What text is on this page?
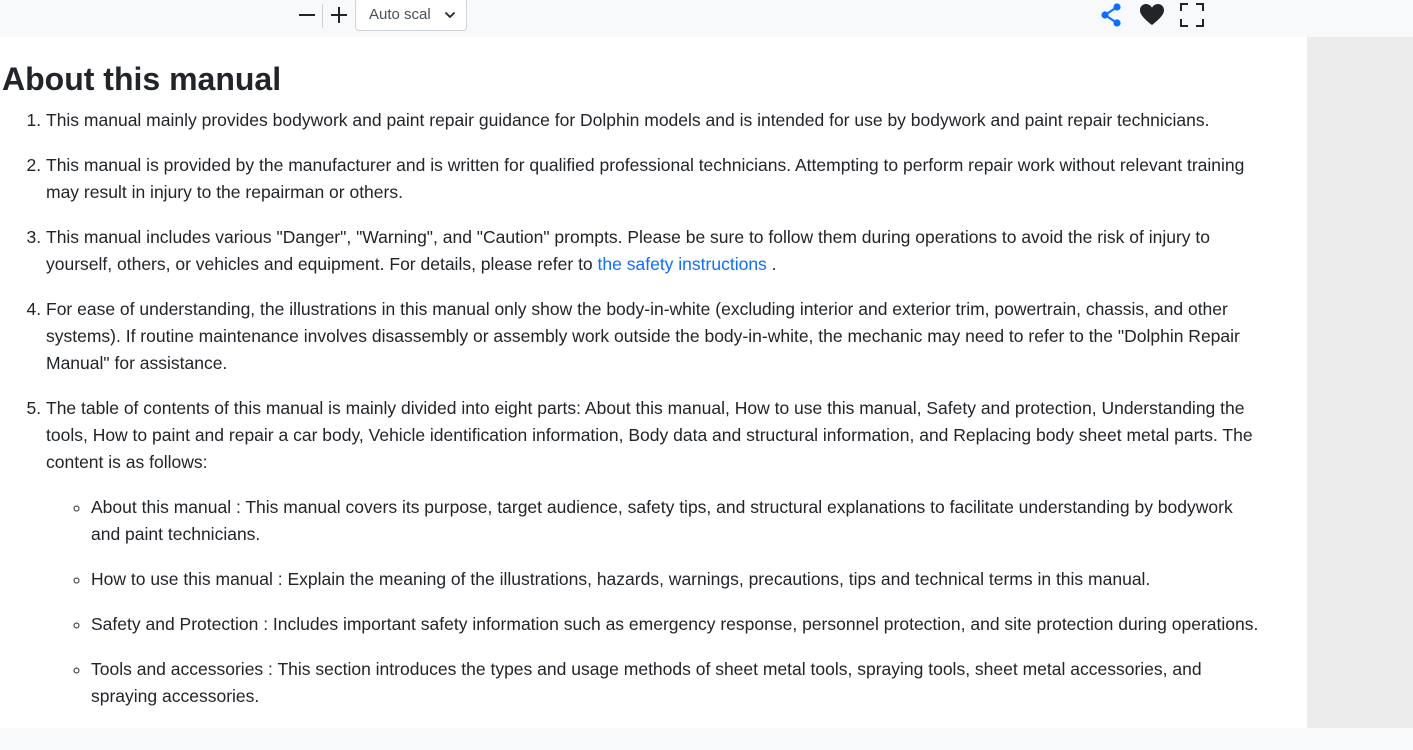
Auto scal
About this manual
1. This manual mainly provides bodywork and paint repair guidance for Dolphin models and is intended for use by bodywork and paint repair technicians.
2. This manual is provided by the manufacturer and is written for qualified professional technicians. Attempting to perform repair work without relevant training may result in injury to the repairman or others.
3. This manual includes various "Danger", "Warning", and "Caution" prompts. Please be sure to follow them during operations to avoid the risk of injury to yourself, others, or vehicles and equipment. For details, please refer to the safety instructions .
4. For ease of understanding, the illustrations in this manual only show the body-in-white (excluding interior and exterior trim, powertrain, chassis, and other systems). If routine maintenance involves disassembly or assembly work outside the body-in-white, the mechanic may need to refer to the "Dolphin Repair Manual" for assistance.
5. The table of contents of this manual is mainly divided into eight parts: About this manual, How to use this manual, Safety and protection, Understanding the tools, How to paint and repair a car body, Vehicle identification information, Body data and structural information, and Replacing body sheet metal parts. The content is as follows:
◦ About this manual : This manual covers its purpose, target audience, safety tips, and structural explanations to facilitate understanding by bodywork and paint technicians.
◦ How to use this manual : Explain the meaning of the illustrations, hazards, warnings, precautions, tips and technical terms in this manual.
◦ Safety and Protection : Includes important safety information such as emergency response, personnel protection, and site protection during operations.
◦ Tools and accessories : This section introduces the types and usage methods of sheet metal tools, spraying tools, sheet metal accessories, and spraying accessories.
